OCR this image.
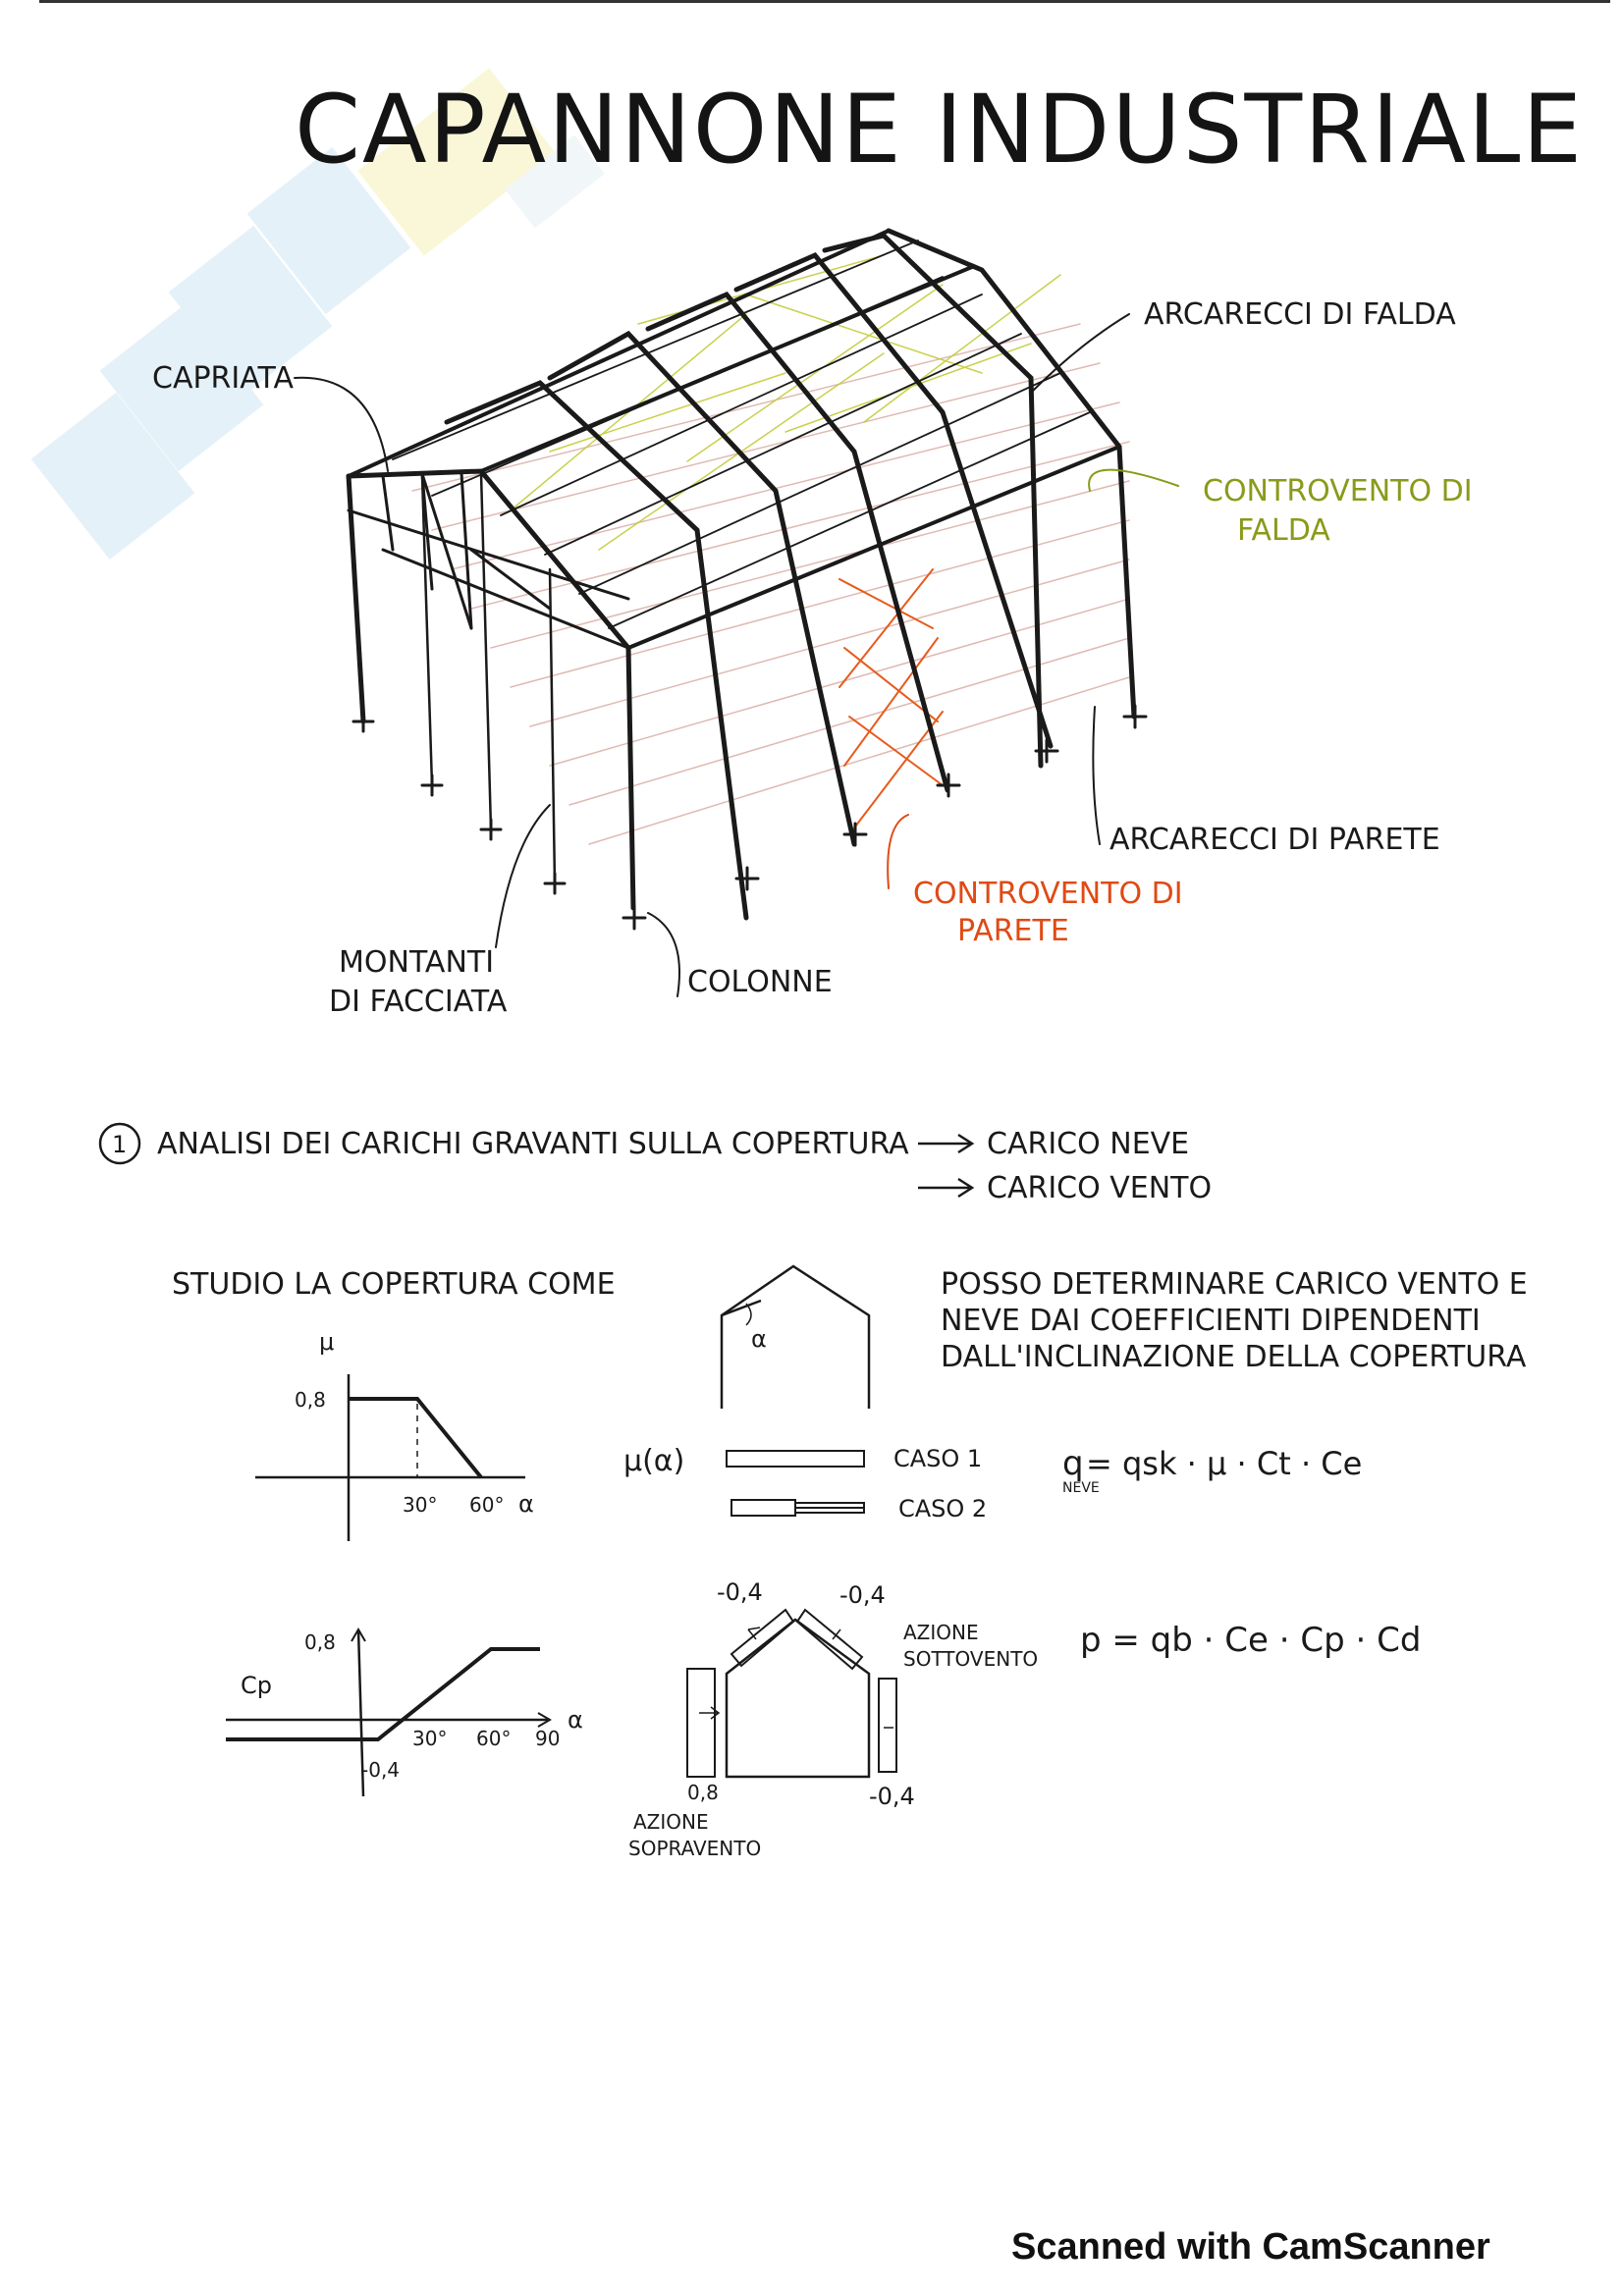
CAPANNONE INDUSTRIALE
CAPRIATA
ARCARECCI DI FALDA
CONTROVENTO DI
FALDA
ARCARECCI DI PARETE
CONTROVENTO DI
PARETE
MONTANTI
DI FACCIATA
COLONNE
1 ANALISI DEI CARICHI GRAVANTI SULLA COPERTURA	CARICO NEVE
CARICO VENTO
STUDIO LA COPERTURA COME	POSSO DETERMINARE CARICO VENTO E
NEVE DAI COEFFICIENTI DIPENDENTI
DALL'INCLINAZIONE DELLA COPERTURA
μ
0,8
30° 60° α
α
μ(α)	CASO 1
CASO 2
q
NEVE
= qsk · μ · Ct · Ce
Cp
0,8
-0,4
30° 60° 90
α
-0,4	-0,4
0,8	-0,4
AZIONE
SOTTOVENTO
AZIONE
SOPRAVENTO
p = qb · Ce · Cp · Cd
Scanned with CamScanner
